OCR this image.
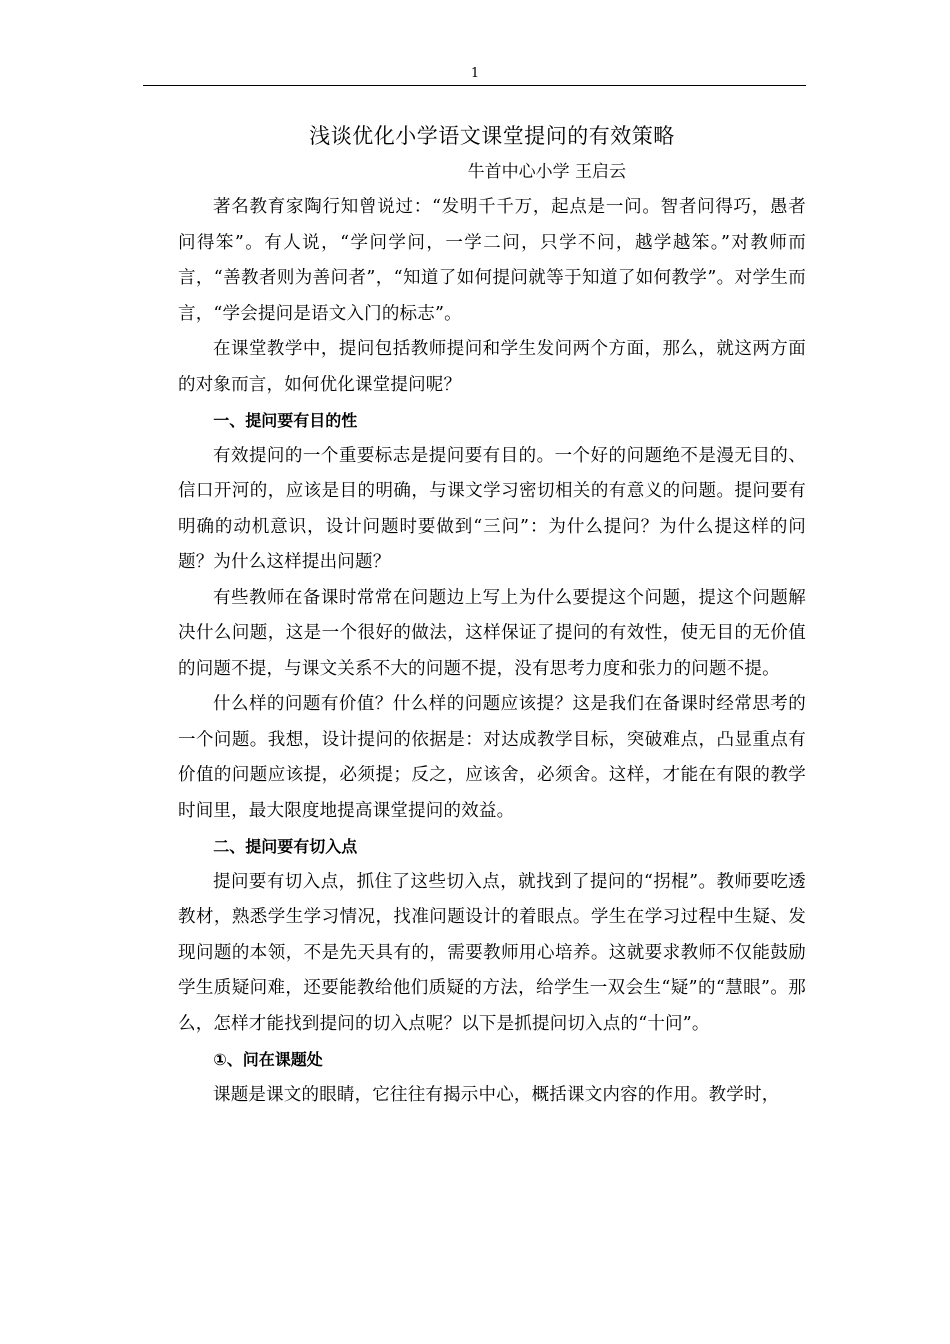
1
浅谈优化小学语文课堂提问的有效策略

牛首中心小学 王启云

著名教育家陶行知曾说过：“发明千千万，起点是一问。智者问得巧，愚者问得笨”。有人说，“学问学问，一学二问，只学不问，越学越笨。”对教师而言，“善教者则为善问者”，“知道了如何提问就等于知道了如何教学”。对学生而言，“学会提问是语文入门的标志”。

在课堂教学中，提问包括教师提问和学生发问两个方面，那么，就这两方面的对象而言，如何优化课堂提问呢？

一、提问要有目的性

有效提问的一个重要标志是提问要有目的。一个好的问题绝不是漫无目的、信口开河的，应该是目的明确，与课文学习密切相关的有意义的问题。提问要有明确的动机意识，设计问题时要做到“三问”：为什么提问？为什么提这样的问题？为什么这样提出问题？

有些教师在备课时常常在问题边上写上为什么要提这个问题，提这个问题解决什么问题，这是一个很好的做法，这样保证了提问的有效性，使无目的无价值的问题不提，与课文关系不大的问题不提，没有思考力度和张力的问题不提。

什么样的问题有价值？什么样的问题应该提？这是我们在备课时经常思考的一个问题。我想，设计提问的依据是：对达成教学目标，突破难点，凸显重点有价值的问题应该提，必须提；反之，应该舍，必须舍。这样，才能在有限的教学时间里，最大限度地提高课堂提问的效益。

二、提问要有切入点

提问要有切入点，抓住了这些切入点，就找到了提问的“拐棍”。教师要吃透教材，熟悉学生学习情况，找准问题设计的着眼点。学生在学习过程中生疑、发现问题的本领，不是先天具有的，需要教师用心培养。这就要求教师不仅能鼓励学生质疑问难，还要能教给他们质疑的方法，给学生一双会生“疑”的“慧眼”。那么，怎样才能找到提问的切入点呢？以下是抓提问切入点的“十问”。

①、问在课题处

课题是课文的眼睛，它往往有揭示中心，概括课文内容的作用。教学时，
